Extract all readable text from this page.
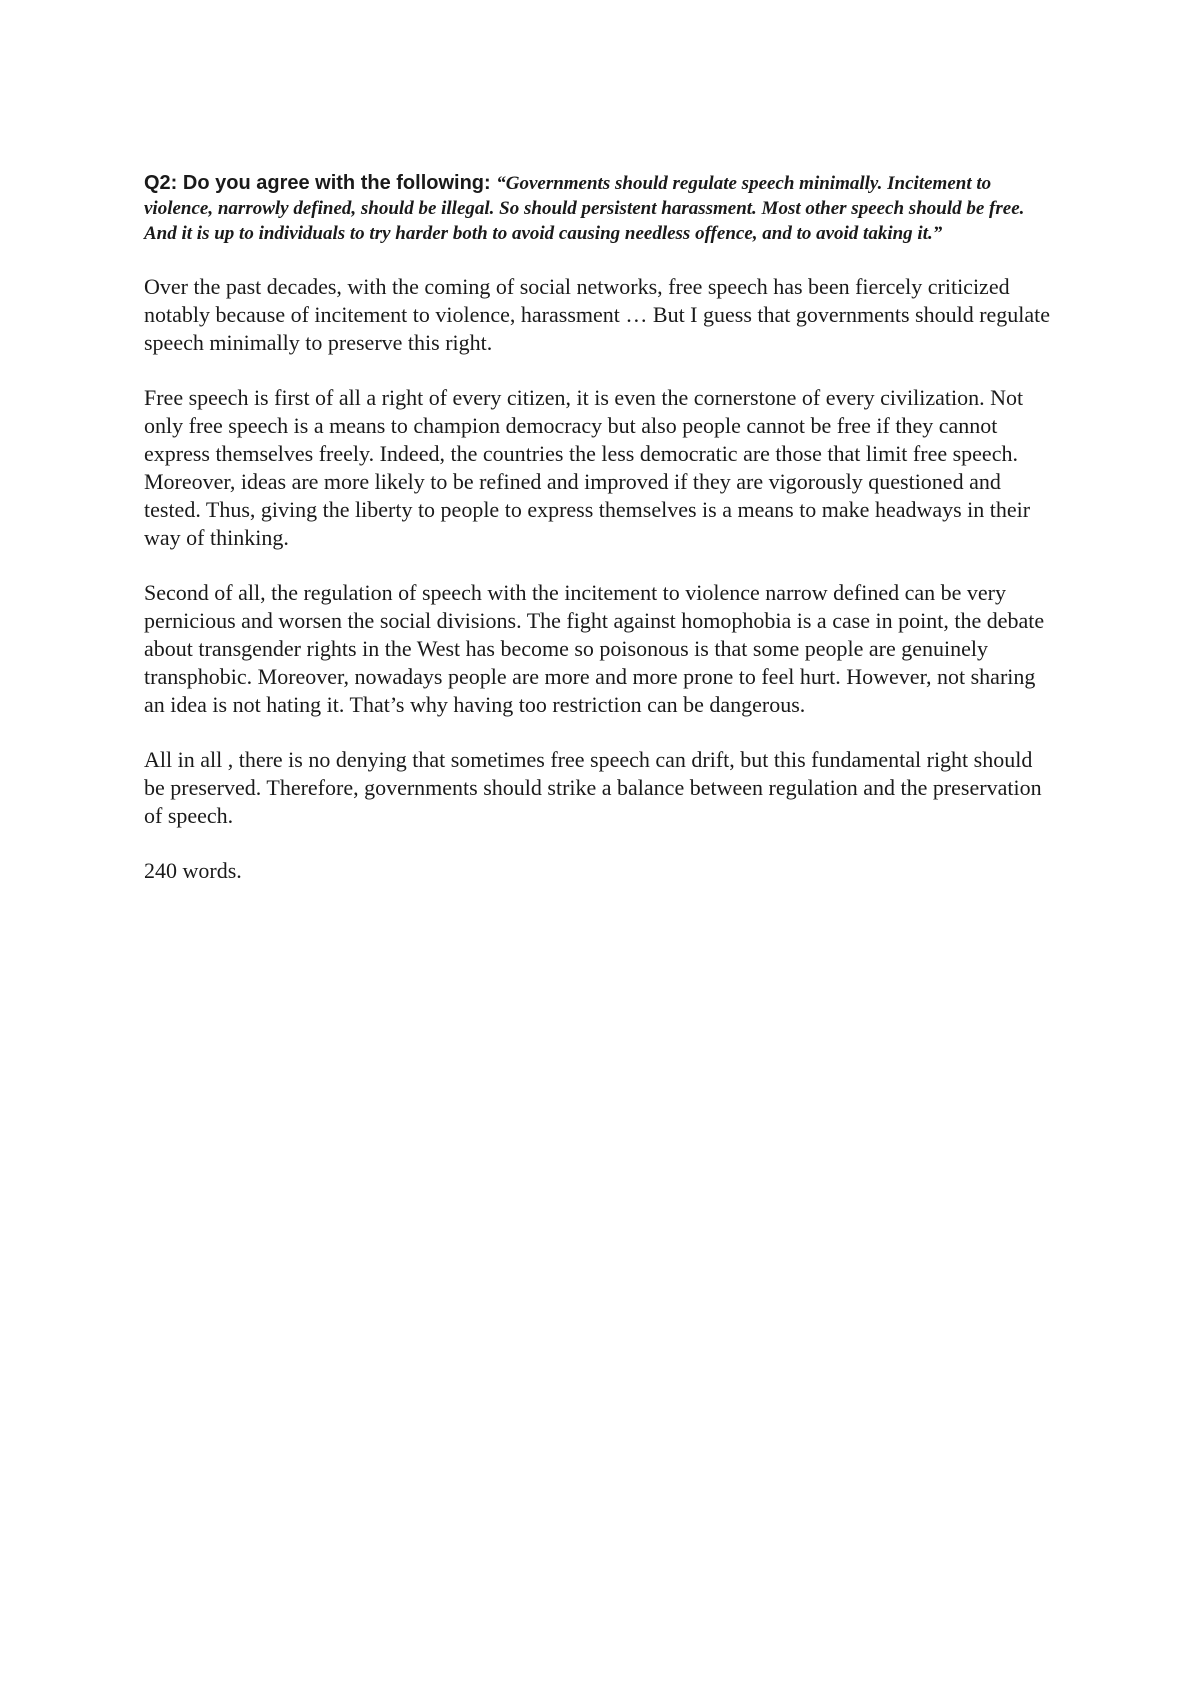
Q2: Do you agree with the following: “Governments should regulate speech minimally. Incitement to violence, narrowly defined, should be illegal. So should persistent harassment. Most other speech should be free. And it is up to individuals to try harder both to avoid causing needless offence, and to avoid taking it.”

Over the past decades, with the coming of social networks, free speech has been fiercely criticized notably because of incitement to violence, harassment … But I guess that governments should regulate speech minimally to preserve this right.

Free speech is first of all a right of every citizen, it is even the cornerstone of every civilization. Not only free speech is a means to champion democracy but also people cannot be free if they cannot express themselves freely. Indeed, the countries the less democratic are those that limit free speech. Moreover, ideas are more likely to be refined and improved if they are vigorously questioned and tested. Thus, giving the liberty to people to express themselves is a means to make headways in their way of thinking.

Second of all, the regulation of speech with the incitement to violence narrow defined can be very pernicious and worsen the social divisions. The fight against homophobia is a case in point, the debate about transgender rights in the West has become so poisonous is that some people are genuinely transphobic. Moreover, nowadays people are more and more prone to feel hurt. However, not sharing an idea is not hating it. That’s why having too restriction can be dangerous.

All in all , there is no denying that sometimes free speech can drift, but this fundamental right should be preserved. Therefore, governments should strike a balance between regulation and the preservation of speech.

240 words.
